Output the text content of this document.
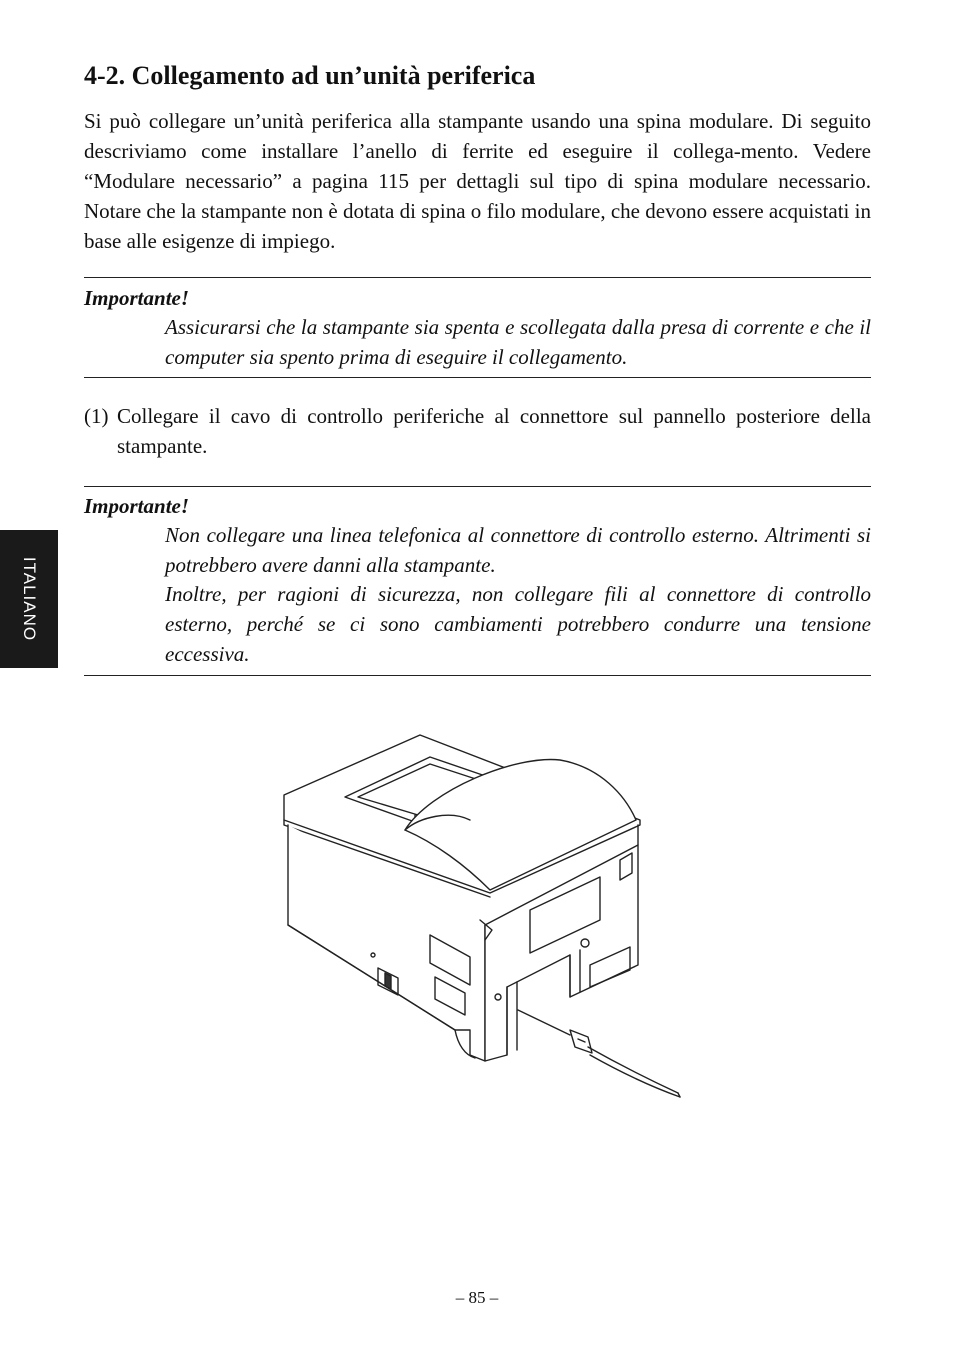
4-2. Collegamento ad un’unità periferica

Si può collegare un’unità periferica alla stampante usando una spina modulare. Di seguito descriviamo come installare l’anello di ferrite ed eseguire il collega-mento. Vedere “Modulare necessario” a pagina 115 per dettagli sul tipo di spina modulare necessario. Notare che la stampante non è dotata di spina o filo modulare, che devono essere acquistati in base alle esigenze di impiego.

Importante!

Assicurarsi che la stampante sia spenta e scollegata dalla presa di corrente e che il computer sia spento prima di eseguire il collegamento.

(1) Collegare il cavo di controllo periferiche al connettore sul pannello posteriore della stampante.

Importante!

Non collegare una linea telefonica al connettore di controllo esterno. Altrimenti si potrebbero avere danni alla stampante.

Inoltre, per ragioni di sicurezza, non collegare fili al connettore di controllo esterno, perché se ci sono cambiamenti potrebbero condurre una tensione eccessiva.

ITALIANO
– 85 –
